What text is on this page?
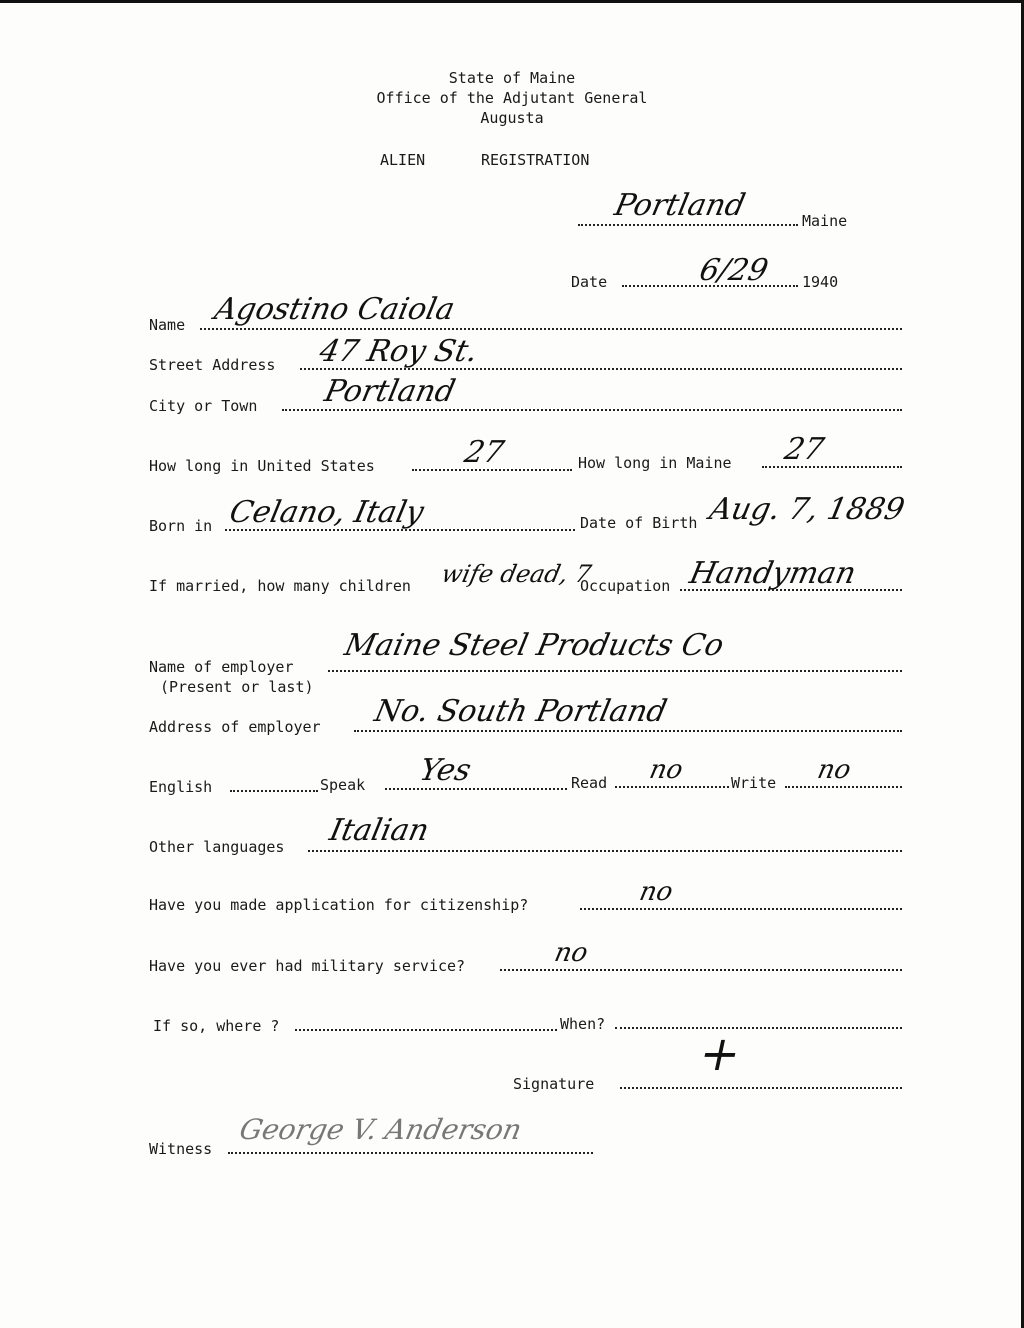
State of Maine
Office of the Adjutant General
Augusta
ALIEN	REGISTRATION
Portland	Maine
Date	6/29 1940
Name Agostino Caiola
Street Address 47 Roy St.
City or Town Portland
How long in United States	27	How long in Maine 27
Born in Celano, Italy	Date of Birth Aug. 7, 1889
If married, how many children wife dead, 7
Occupation Handyman
Name of employer
(Present or last)
Maine Steel Products Co
Address of employer No. South Portland
English	Speak Yes	Read no	Write no
Other languages Italian
Have you made application for citizenship?	no
Have you ever had military service?	no
If so, where ?	When?
Signature
+
Witness
George V. Anderson
